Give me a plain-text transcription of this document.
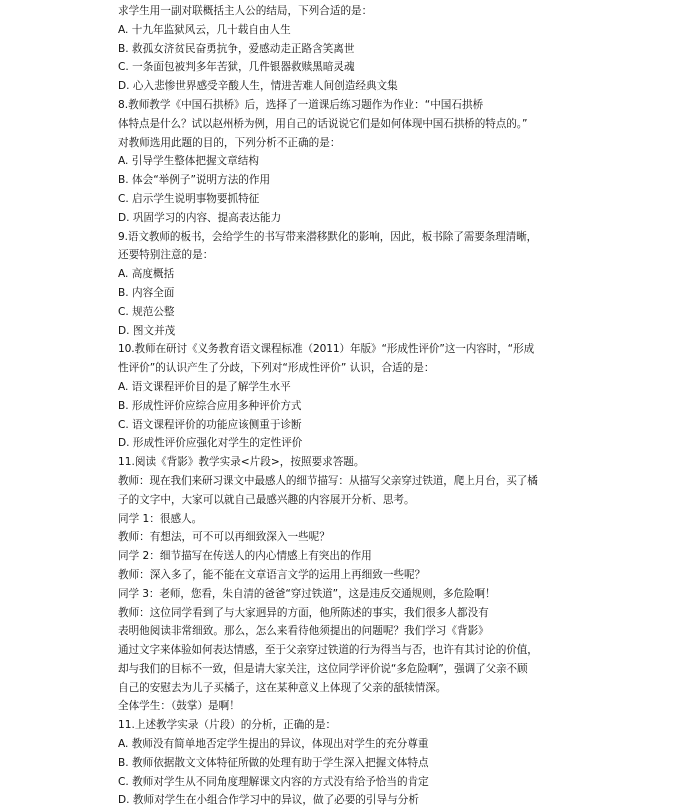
求学生用一副对联概括主人公的结局，下列合适的是：
A. 十九年监狱风云，几十载自由人生
B. 救孤女济贫民奋勇抗争，爱感动走正路含笑离世
C. 一条面包被判多年苦狱，几件银器救赎黑暗灵魂
D. 心入悲惨世界感受辛酸人生，情进苦难人间创造经典文集
8.教师教学《中国石拱桥》后，选择了一道课后练习题作为作业：“中国石拱桥
体特点是什么？试以赵州桥为例，用自己的话说说它们是如何体现中国石拱桥的特点的。”
对教师选用此题的目的，下列分析不正确的是：
A. 引导学生整体把握文章结构
B. 体会“举例子”说明方法的作用
C. 启示学生说明事物要抓特征
D. 巩固学习的内容、提高表达能力
9.语文教师的板书，会给学生的书写带来潜移默化的影响，因此，板书除了需要条理清晰，
还要特别注意的是：
A. 高度概括
B. 内容全面
C. 规范公整
D. 图文并茂
10.教师在研讨《义务教育语文课程标准（2011）年版》“形成性评价”这一内容时，“形成
性评价”的认识产生了分歧，下列对“形成性评价” 认识，合适的是：
A. 语文课程评价目的是了解学生水平
B. 形成性评价应综合应用多种评价方式
C. 语文课程评价的功能应该侧重于诊断
D. 形成性评价应强化对学生的定性评价
11.阅读《背影》教学实录<片段>，按照要求答题。
教师：现在我们来研习课文中最感人的细节描写：从描写父亲穿过铁道，爬上月台，买了橘
子的文字中，大家可以就自己最感兴趣的内容展开分析、思考。
同学 1：很感人。
教师：有想法，可不可以再细致深入一些呢？
同学 2：细节描写在传送人的内心情感上有突出的作用
教师：深入多了，能不能在文章语言文学的运用上再细致一些呢？
同学 3：老师，您看，朱自清的爸爸“穿过铁道”，这是违反交通规则，多危险啊！
教师：这位同学看到了与大家迥异的方面，他所陈述的事实，我们很多人都没有
表明他阅读非常细致。那么，怎么来看待他须提出的问题呢？我们学习《背影》
通过文字来体验如何表达情感，至于父亲穿过铁道的行为得当与否，也许有其讨论的价值，
却与我们的目标不一致，但是请大家关注，这位同学评价说“多危险啊”，强调了父亲不顾
自己的安慰去为儿子买橘子，这在某种意义上体现了父亲的舐犊情深。
全体学生：（鼓掌）是啊！
11.上述教学实录（片段）的分析，正确的是：
A. 教师没有简单地否定学生提出的异议，体现出对学生的充分尊重
B. 教师依据散文文体特征所做的处理有助于学生深入把握文体特点
C. 教师对学生从不同角度理解课文内容的方式没有给予恰当的肯定
D. 教师对学生在小组合作学习中的异议，做了必要的引导与分析
